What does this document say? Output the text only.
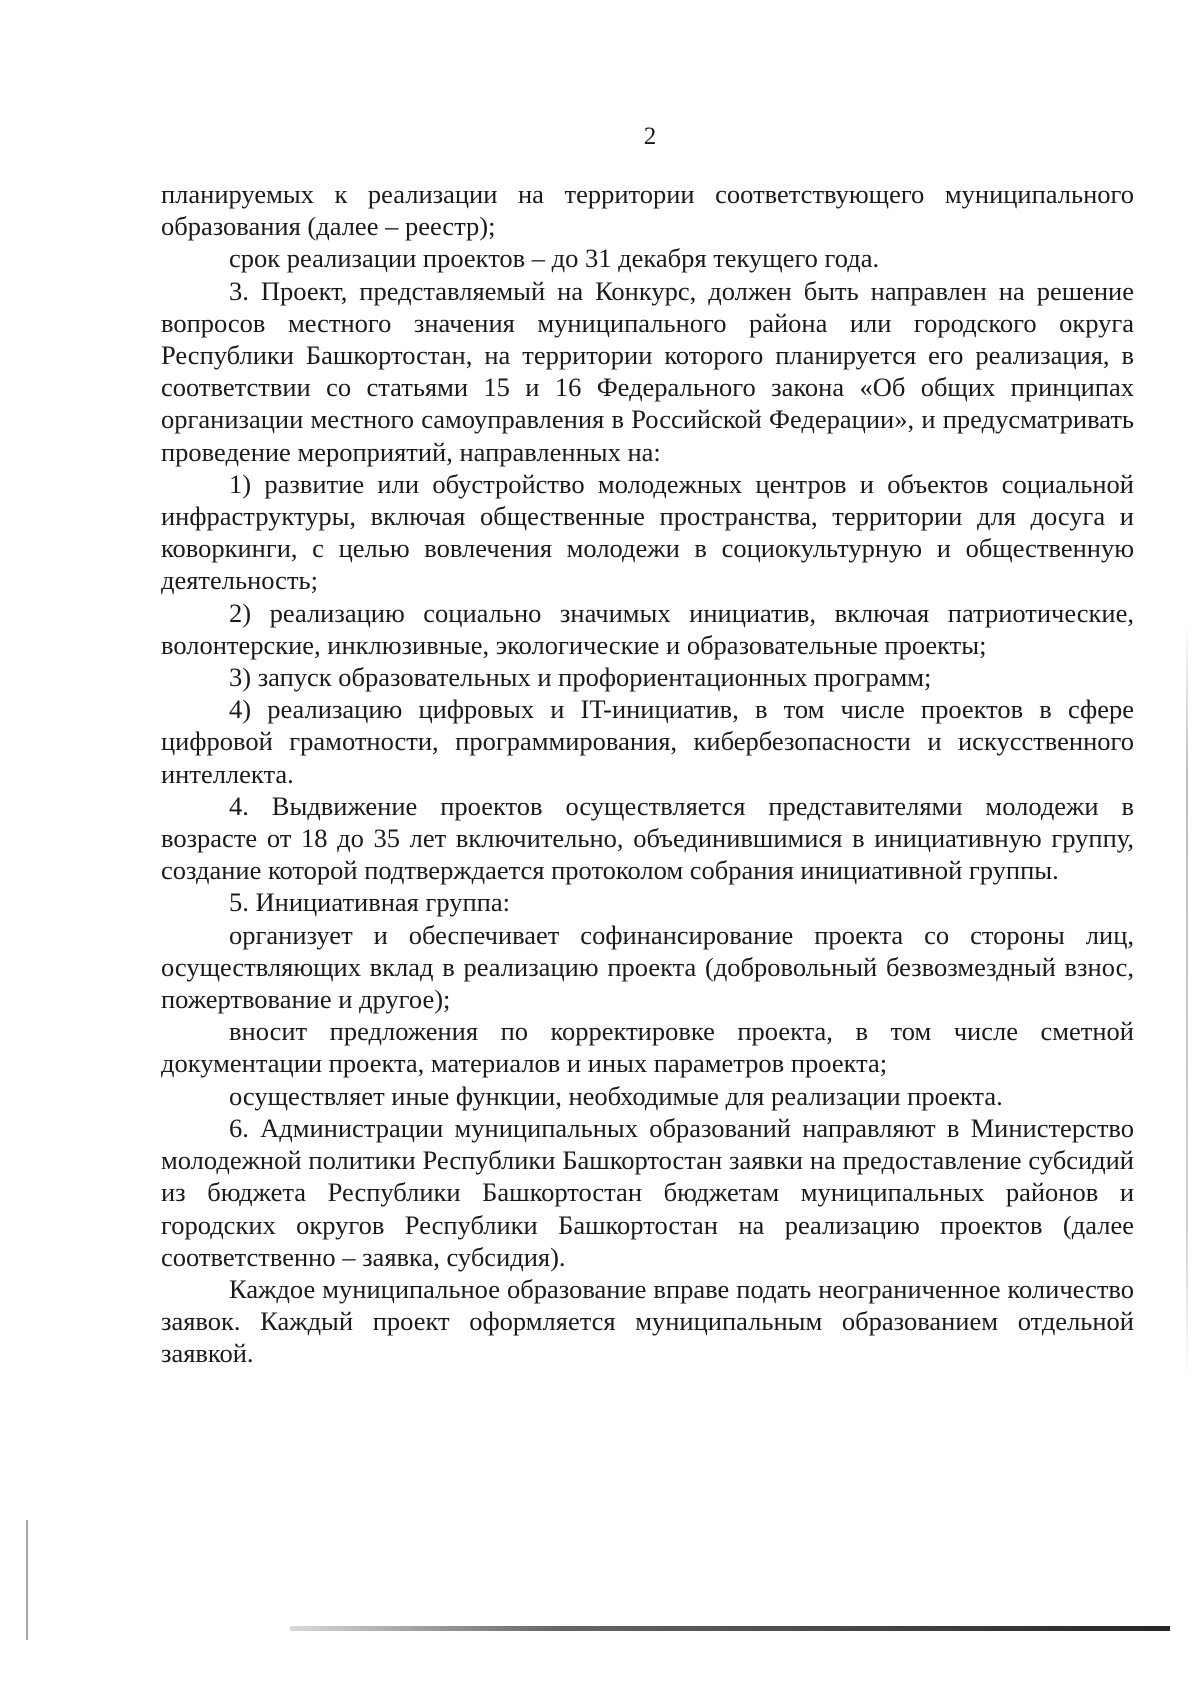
2

планируемых к реализации на территории соответствующего муниципального образования (далее – реестр);

срок реализации проектов – до 31 декабря текущего года.

3. Проект, представляемый на Конкурс, должен быть направлен на решение вопросов местного значения муниципального района или городского округа Республики Башкортостан, на территории которого планируется его реализация, в соответствии со статьями 15 и 16 Федерального закона «Об общих принципах организации местного самоуправления в Российской Федерации», и предусматривать проведение мероприятий, направленных на:

1) развитие или обустройство молодежных центров и объектов социальной инфраструктуры, включая общественные пространства, территории для досуга и коворкинги, с целью вовлечения молодежи в социокультурную и общественную деятельность;

2) реализацию социально значимых инициатив, включая патриотические, волонтерские, инклюзивные, экологические и образовательные проекты;

3) запуск образовательных и профориентационных программ;

4) реализацию цифровых и IT-инициатив, в том числе проектов в сфере цифровой грамотности, программирования, кибербезопасности и искусственного интеллекта.

4. Выдвижение проектов осуществляется представителями молодежи в возрасте от 18 до 35 лет включительно, объединившимися в инициативную группу, создание которой подтверждается протоколом собрания инициативной группы.

5. Инициативная группа:

организует и обеспечивает софинансирование проекта со стороны лиц, осуществляющих вклад в реализацию проекта (добровольный безвозмездный взнос, пожертвование и другое);

вносит предложения по корректировке проекта, в том числе сметной документации проекта, материалов и иных параметров проекта;

осуществляет иные функции, необходимые для реализации проекта.

6. Администрации муниципальных образований направляют в Министерство молодежной политики Республики Башкортостан заявки на предоставление субсидий из бюджета Республики Башкортостан бюджетам муниципальных районов и городских округов Республики Башкортостан на реализацию проектов (далее соответственно – заявка, субсидия).

Каждое муниципальное образование вправе подать неограниченное количество заявок. Каждый проект оформляется муниципальным образованием отдельной заявкой.
